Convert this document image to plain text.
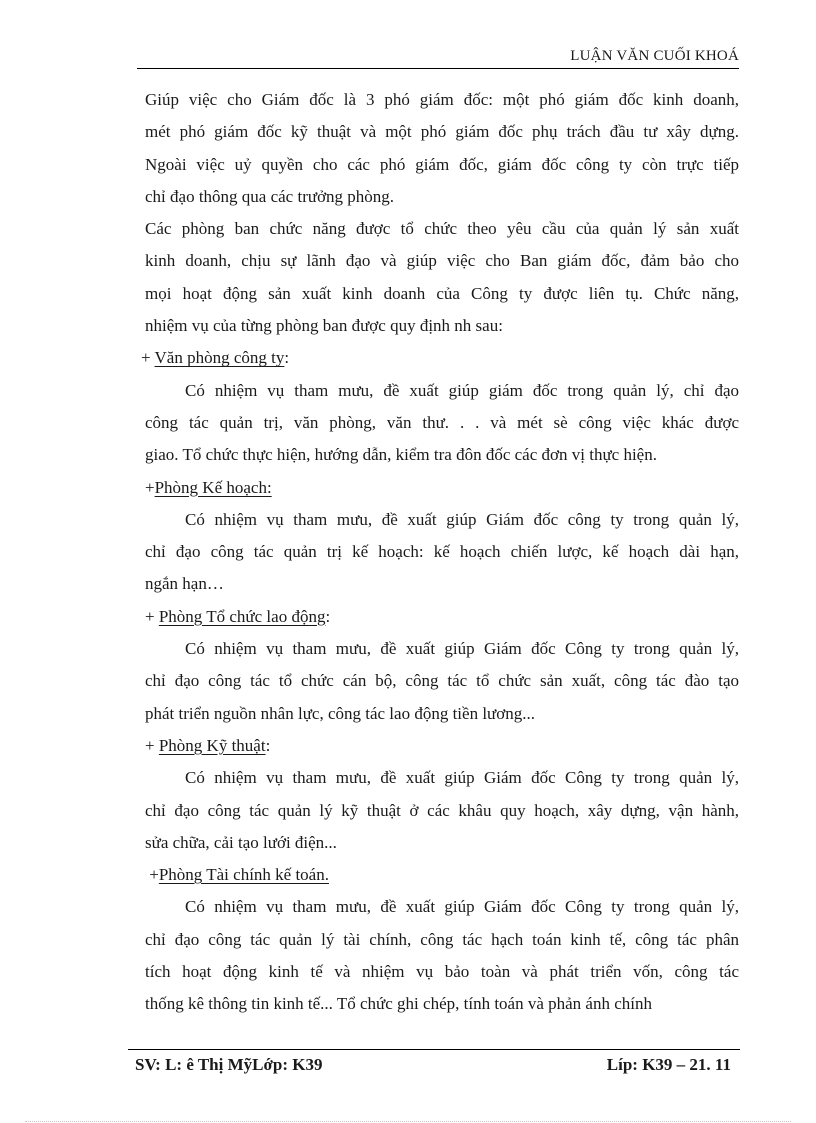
LUẬN VĂN CUỐI KHOÁ
Giúp việc cho Giám đốc là 3 phó giám đốc: một phó giám đốc kinh doanh,
mét phó giám đốc kỹ thuật và một phó giám đốc phụ trách đầu tư xây dựng.
Ngoài việc uỷ quyền cho các phó giám đốc, giám đốc công ty còn trực tiếp
chỉ đạo thông qua các trưởng phòng.
Các phòng ban chức năng được tổ chức theo yêu cầu của quản lý sản xuất
kinh doanh, chịu sự lãnh đạo và giúp việc cho Ban giám đốc, đảm bảo cho
mọi hoạt động sản xuất kinh doanh của Công ty được liên tụ. Chức năng,
nhiệm vụ của từng phòng ban được quy định nh sau:
+ Văn phòng công ty:
Có nhiệm vụ tham mưu, đề xuất giúp giám đốc trong quản lý, chỉ đạo
công tác quản trị, văn phòng, văn thư. . . và mét sè công việc khác được
giao. Tổ chức thực hiện, hướng dẫn, kiểm tra đôn đốc các đơn vị thực hiện.
+Phòng Kế hoạch:
Có nhiệm vụ tham mưu, đề xuất giúp Giám đốc công ty trong quản lý,
chỉ đạo công tác quản trị kế hoạch: kế hoạch chiến lược, kế hoạch dài hạn,
ngắn hạn…
+ Phòng Tổ chức lao động:
Có nhiệm vụ tham mưu, đề xuất giúp Giám đốc Công ty trong quản lý,
chỉ đạo công tác tổ chức cán bộ, công tác tổ chức sản xuất, công tác đào tạo
phát triển nguồn nhân lực, công tác lao động tiền lương...
+ Phòng Kỹ thuật:
Có nhiệm vụ tham mưu, đề xuất giúp Giám đốc Công ty trong quản lý,
chỉ đạo công tác quản lý kỹ thuật ở các khâu quy hoạch, xây dựng, vận hành,
sửa chữa, cải tạo lưới điện...
+Phòng Tài chính kế toán.
Có nhiệm vụ tham mưu, đề xuất giúp Giám đốc Công ty trong quản lý,
chỉ đạo công tác quản lý tài chính, công tác hạch toán kinh tế, công tác phân
tích hoạt động kinh tế và nhiệm vụ bảo toàn và phát triển vốn, công tác
thống kê thông tin kinh tế... Tổ chức ghi chép, tính toán và phản ánh chính
SV: L: ê Thị MỹLớp: K39	Líp: K39 – 21. 11
